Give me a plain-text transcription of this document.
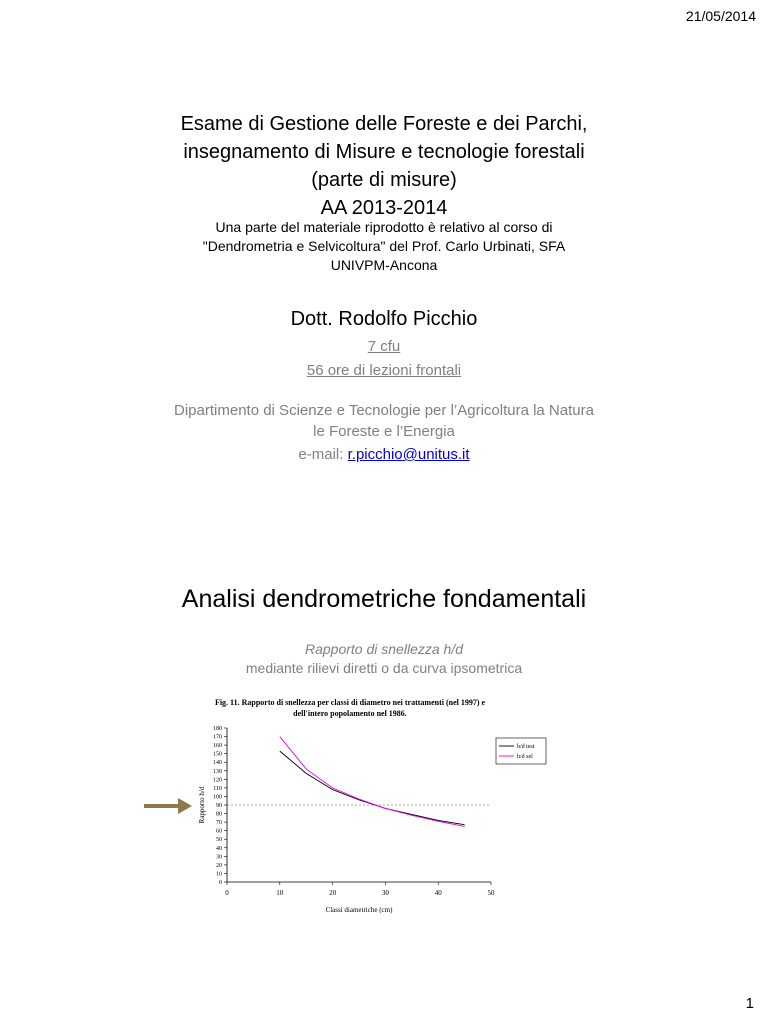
21/05/2014
1
Esame di Gestione delle Foreste e dei Parchi,
insegnamento di Misure e tecnologie forestali
(parte di misure)
AA 2013-2014
Una parte del materiale riprodotto è relativo al corso di
"Dendrometria e Selvicoltura" del Prof. Carlo Urbinati, SFA
UNIVPM-Ancona
Dott. Rodolfo Picchio
7 cfu
56 ore di lezioni frontali
Dipartimento di Scienze e Tecnologie per l’Agricoltura la Natura
le Foreste e l’Energia
e-mail: r.picchio@unitus.it
Analisi dendrometriche fondamentali
Rapporto di snellezza h/d
mediante rilievi diretti o da curva ipsometrica
Fig. 11. Rapporto di snellezza per classi di diametro nei trattamenti (nel 1997) e
dell'intero popolamento nel 1986.
0
10
20
30
40
50
60
70
80
90
100
110
120
130
140
150
160
170
180
0	10	20	30	40	50
Classi diametriche (cm)
Rapporto h/d
h/d test
h/d sel
